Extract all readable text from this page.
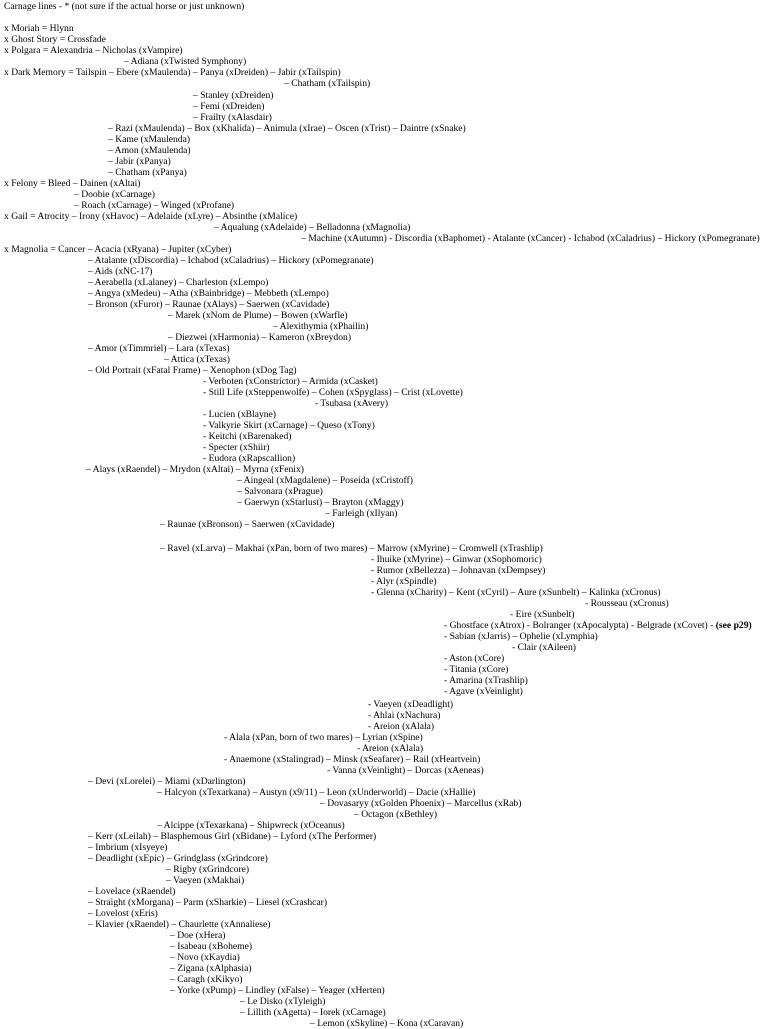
Carnage lines - * (not sure if the actual horse or just unknown)
x Moriah = Hlynn
x Ghost Story = Crossfade
x Polgara = Alexandria – Nicholas (xVampire)
– Adiana (xTwisted Symphony)
x Dark Memory = Tailspin – Ebere (xMaulenda) – Panya (xDreiden) – Jabir (xTailspin)
– Chatham (xTailspin)
– Stanley (xDreiden)
– Femi (xDreiden)
– Frailty (xAlasdair)
– Razi (xMaulenda) – Box (xKhalida) – Animula (xIrae) – Oscen (xTrist) – Daintre (xSnake)
– Kame (xMaulenda)
– Amon (xMaulenda)
– Jabir (xPanya)
– Chatham (xPanya)
x Felony = Bleed – Dainen (xAltai)
– Doobie (xCarnage)
– Roach (xCarnage) – Winged (xProfane)
x Gail = Atrocity – Irony (xHavoc) – Adelaide (xLyre) – Absinthe (xMalice)
– Aqualung (xAdelaide) – Belladonna (xMagnolia)
– Machine (xAutumn) - Discordia (xBaphomet) - Atalante (xCancer) - Ichabod (xCaladrius) – Hickory (xPomegranate)
x Magnolia = Cancer – Acacia (xRyana) – Jupiter (xCyber)
– Atalante (xDiscordia) – Ichabod (xCaladrius) – Hickory (xPomegranate)
– Aids (xNC-17)
– Aerabella (xLalaney) – Charleston (xLempo)
– Angya (xMedeu) – Atha (xBainbridge) – Mebbeth (xLempo)
– Bronson (xFuror) – Raunae (xAlays) – Saerwen (xCavidade)
– Marek (xNom de Plume) – Bowen (xWarfle)
– Alexithymia (xPhailin)
– Diezwei (xHarmonia) – Kameron (xBreydon)
– Amor (xTimmriel) – Lara (xTexas)
– Attica (xTexas)
– Old Portrait (xFatal Frame) – Xenophon (xDog Tag)
- Verboten (xConstrictor) – Armida (xCasket)
- Still Life (xSteppenwolfe) – Cohen (xSpyglass) – Crist (xLovette)
- Tsubasa (xAvery)
- Lucien (xBlayne)
- Valkyrie Skirt (xCarnage) – Queso (xTony)
- Keitchi (xBarenaked)
- Specter (xShiir)
- Eudora (xRapscallion)
– Alays (xRaendel) – Mrydon (xAltai) – Myrna (xFenix)
– Aingeal (xMagdalene) – Poseida (xCristoff)
– Salvonara (xPrague)
– Gaerwyn (xStarlust) – Brayton (xMaggy)
– Farleigh (xIlyan)
– Raunae (xBronson) – Saerwen (xCavidade)
– Ravel (xLarva) – Makhai (xPan, born of two mares) – Marrow (xMyrine) – Cromwell (xTrashlip)
- Ihuike (xMyrine) – Ginwar (xSophomoric)
- Rumor (xBellezza) – Johnavan (xDempsey)
- Alyr (xSpindle)
- Glenna (xCharity) – Kent (xCyril) – Aure (xSunbelt) – Kalinka (xCronus)
- Rousseau (xCronus)
- Eire (xSunbelt)
- Ghostface (xAtrox) - Bolranger (xApocalypta) - Belgrade (xCovet) - (see p29)
- Sabian (xJarris) – Ophelie (xLymphia)
- Clair (xAileen)
- Aston (xCore)
- Titania (xCore)
- Amarina (xTrashlip)
- Agave (xVeinlight)
- Vaeyen (xDeadlight)
- Ahlai (xNachura)
- Areion (xAlala)
- Alala (xPan, born of two mares) – Lyrian (xSpine)
- Areion (xAlala)
- Anaemone (xStalingrad) – Minsk (xSeafarer) – Rail (xHeartvein)
- Vanna (xVeinlight) – Dorcas (xAeneas)
– Devi (xLorelei) – Miami (xDarlington)
– Halcyon (xTexarkana) – Austyn (x9/11) – Leon (xUnderworld) – Dacie (xHallie)
– Dovasaryy (xGolden Phoenix) – Marcellus (xRab)
– Octagon (xBethley)
– Alcippe (xTexarkana) – Shipwreck (xOceanus)
– Kerr (xLeilah) – Blasphemous Girl (xBidane) – Lyford (xThe Performer)
– Imbrium (xIsyeye)
– Deadlight (xEpic) – Grindglass (xGrindcore)
– Rigby (xGrindcore)
– Vaeyen (xMakhai)
– Lovelace (xRaendel)
– Straight (xMorgana) – Parm (xSharkie) – Liesel (xCrashcar)
– Lovelost (xEris)
– Klavier (xRaendel) – Chaurlette (xAnnaliese)
– Doe (xHera)
– Isabeau (xBoheme)
– Novo (xKaydia)
– Zigana (xAlphasia)
– Caragh (xKikyo)
– Yorke (xPump) – Lindley (xFalse) – Yeager (xHerten)
– Le Disko (xTyleigh)
– Lillith (xAgetta) – Iorek (xCarnage)
– Lemon (xSkyline) – Kona (xCaravan)
